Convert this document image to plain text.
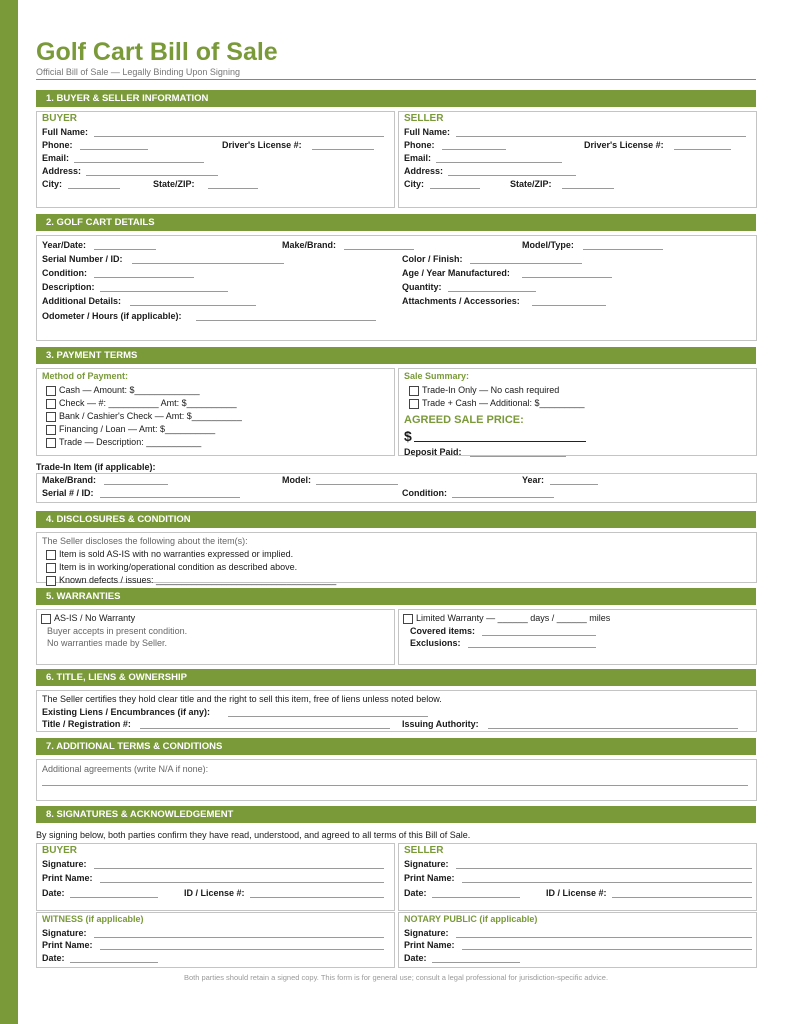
Golf Cart Bill of Sale
Official Bill of Sale — Legally Binding Upon Signing
1. BUYER & SELLER INFORMATION
BUYER
Full Name:
Phone:	Driver's License #:
Email:
Address:
City:	State/ZIP:
SELLER
Full Name:
Phone:	Driver's License #:
Email:
Address:
City:	State/ZIP:
2. GOLF CART DETAILS
Year/Date:	Make/Brand:	Model/Type:
Serial Number / ID:	Color / Finish:
Condition:	Age / Year Manufactured:
Description:	Quantity:
Additional Details:	Attachments / Accessories:
Odometer / Hours (if applicable):
3. PAYMENT TERMS
Method of Payment:
Cash — Amount: $_____________
Check — #: __________ Amt: $__________
Bank / Cashier's Check — Amt: $__________
Financing / Loan — Amt: $__________
Trade — Description: ___________
Sale Summary:
Trade-In Only — No cash required
Trade + Cash — Additional: $_________
AGREED SALE PRICE:
$
Deposit Paid:
Trade-In Item (if applicable):
Make/Brand:	Model:	Year:
Serial # / ID:	Condition:
4. DISCLOSURES & CONDITION
The Seller discloses the following about the item(s):
Item is sold AS-IS with no warranties expressed or implied.
Item is in working/operational condition as described above.
Known defects / issues: ____________________________________
5. WARRANTIES
AS-IS / No Warranty
Buyer accepts in present condition.
No warranties made by Seller.
Limited Warranty — ______ days / ______ miles
Covered items:
Exclusions:
6. TITLE, LIENS & OWNERSHIP
The Seller certifies they hold clear title and the right to sell this item, free of liens unless noted below.
Existing Liens / Encumbrances (if any):
Title / Registration #:	Issuing Authority:
7. ADDITIONAL TERMS & CONDITIONS
Additional agreements (write N/A if none):
8. SIGNATURES & ACKNOWLEDGEMENT
By signing below, both parties confirm they have read, understood, and agreed to all terms of this Bill of Sale.
BUYER
Signature:
Print Name:
Date:	ID / License #:
SELLER
Signature:
Print Name:
Date:	ID / License #:
WITNESS (if applicable)
Signature:
Print Name:
Date:
NOTARY PUBLIC (if applicable)
Signature:
Print Name:
Date:
Both parties should retain a signed copy. This form is for general use; consult a legal professional for jurisdiction-specific advice.
